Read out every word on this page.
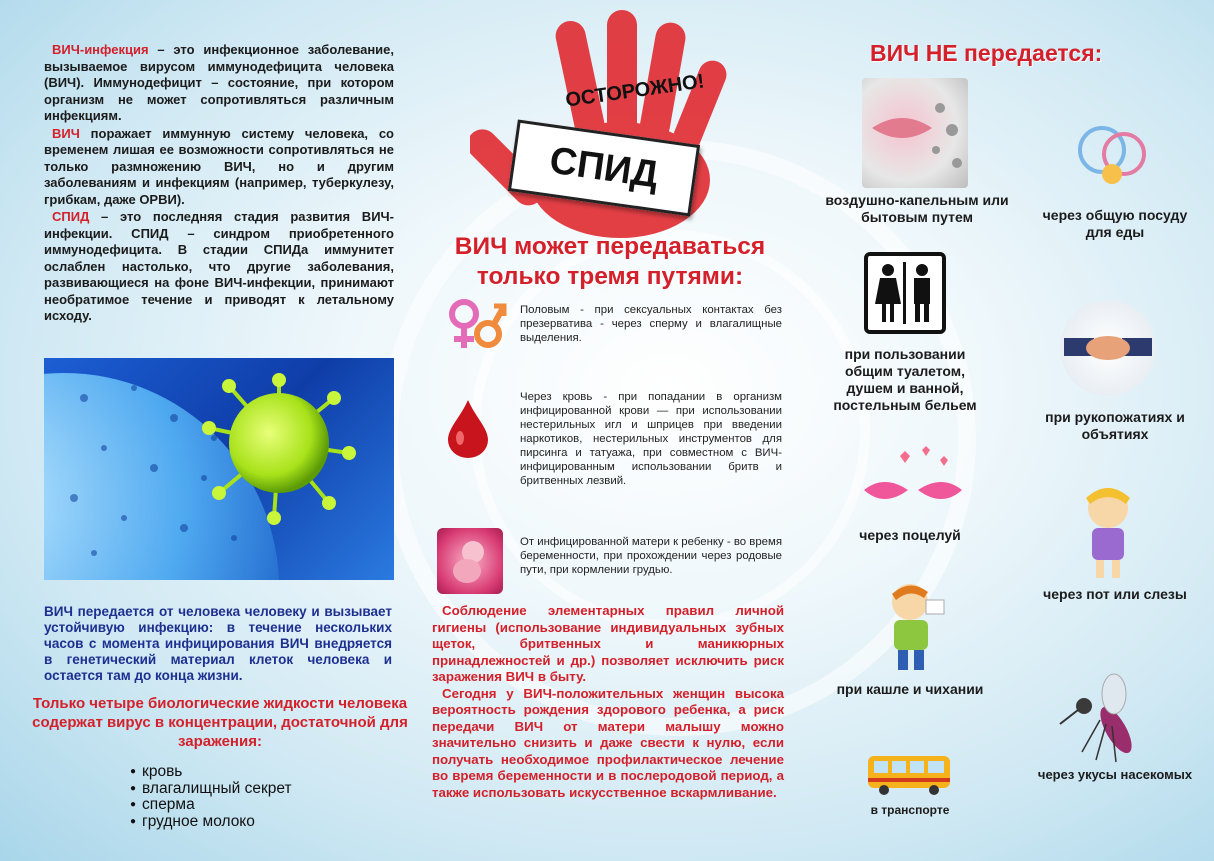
ВИЧ-инфекция – это инфекционное заболевание, вызываемое вирусом иммунодефицита человека (ВИЧ). Иммунодефицит – состояние, при котором организм не может сопротивляться различным инфекциям.

ВИЧ поражает иммунную систему человека, со временем лишая ее возможности сопротивляться не только размножению ВИЧ, но и другим заболеваниям и инфекциям (например, туберкулезу, грибкам, даже ОРВИ).

СПИД – это последняя стадия развития ВИЧ-инфекции. СПИД – синдром приобретенного иммунодефицита. В стадии СПИДа иммунитет ослаблен настолько, что другие заболевания, развивающиеся на фоне ВИЧ-инфекции, принимают необратимое течение и приводят к летальному исходу.

ВИЧ передается от человека человеку и вызывает устойчивую инфекцию: в течение нескольких часов с момента инфицирования ВИЧ внедряется в генетический материал клеток человека и остается там до конца жизни.
Только четыре биологические жидкости человека содержат вирус в концентрации, достаточной для заражения:
● кровь
● влагалищный секрет
● сперма
● грудное молоко
ОСТОРОЖНО!
СПИД
ВИЧ может передаваться только тремя путями:
Половым - при сексуальных контактах без презерватива - через сперму и влагалищные выделения.
Через кровь - при попадании в организм инфицированной крови — при использовании нестерильных игл и шприцев при введении наркотиков, нестерильных инструментов для пирсинга и татуажа, при совместном с ВИЧ-инфицированным использовании бритв и бритвенных лезвий.
От инфицированной матери к ребенку - во время беременности, при прохождении через родовые пути, при кормлении грудью.

Соблюдение элементарных правил личной гигиены (использование индивидуальных зубных щеток, бритвенных и маникюрных принадлежностей и др.) позволяет исключить риск заражения ВИЧ в быту.

Сегодня у ВИЧ-положительных женщин высока вероятность рождения здорового ребенка, а риск передачи ВИЧ от матери малышу можно значительно снизить и даже свести к нулю, если получать необходимое профилактическое лечение во время беременности и в послеродовой период, а также использовать искусственное вскармливание.

ВИЧ НЕ передается:
воздушно-капельным или бытовым путем	через общую посуду для еды
при пользовании общим туалетом, душем и ванной, постельным бельем
при рукопожатиях и объятиях
через поцелуй
через пот или слезы
при кашле и чихании
через укусы насекомых
в транспорте
